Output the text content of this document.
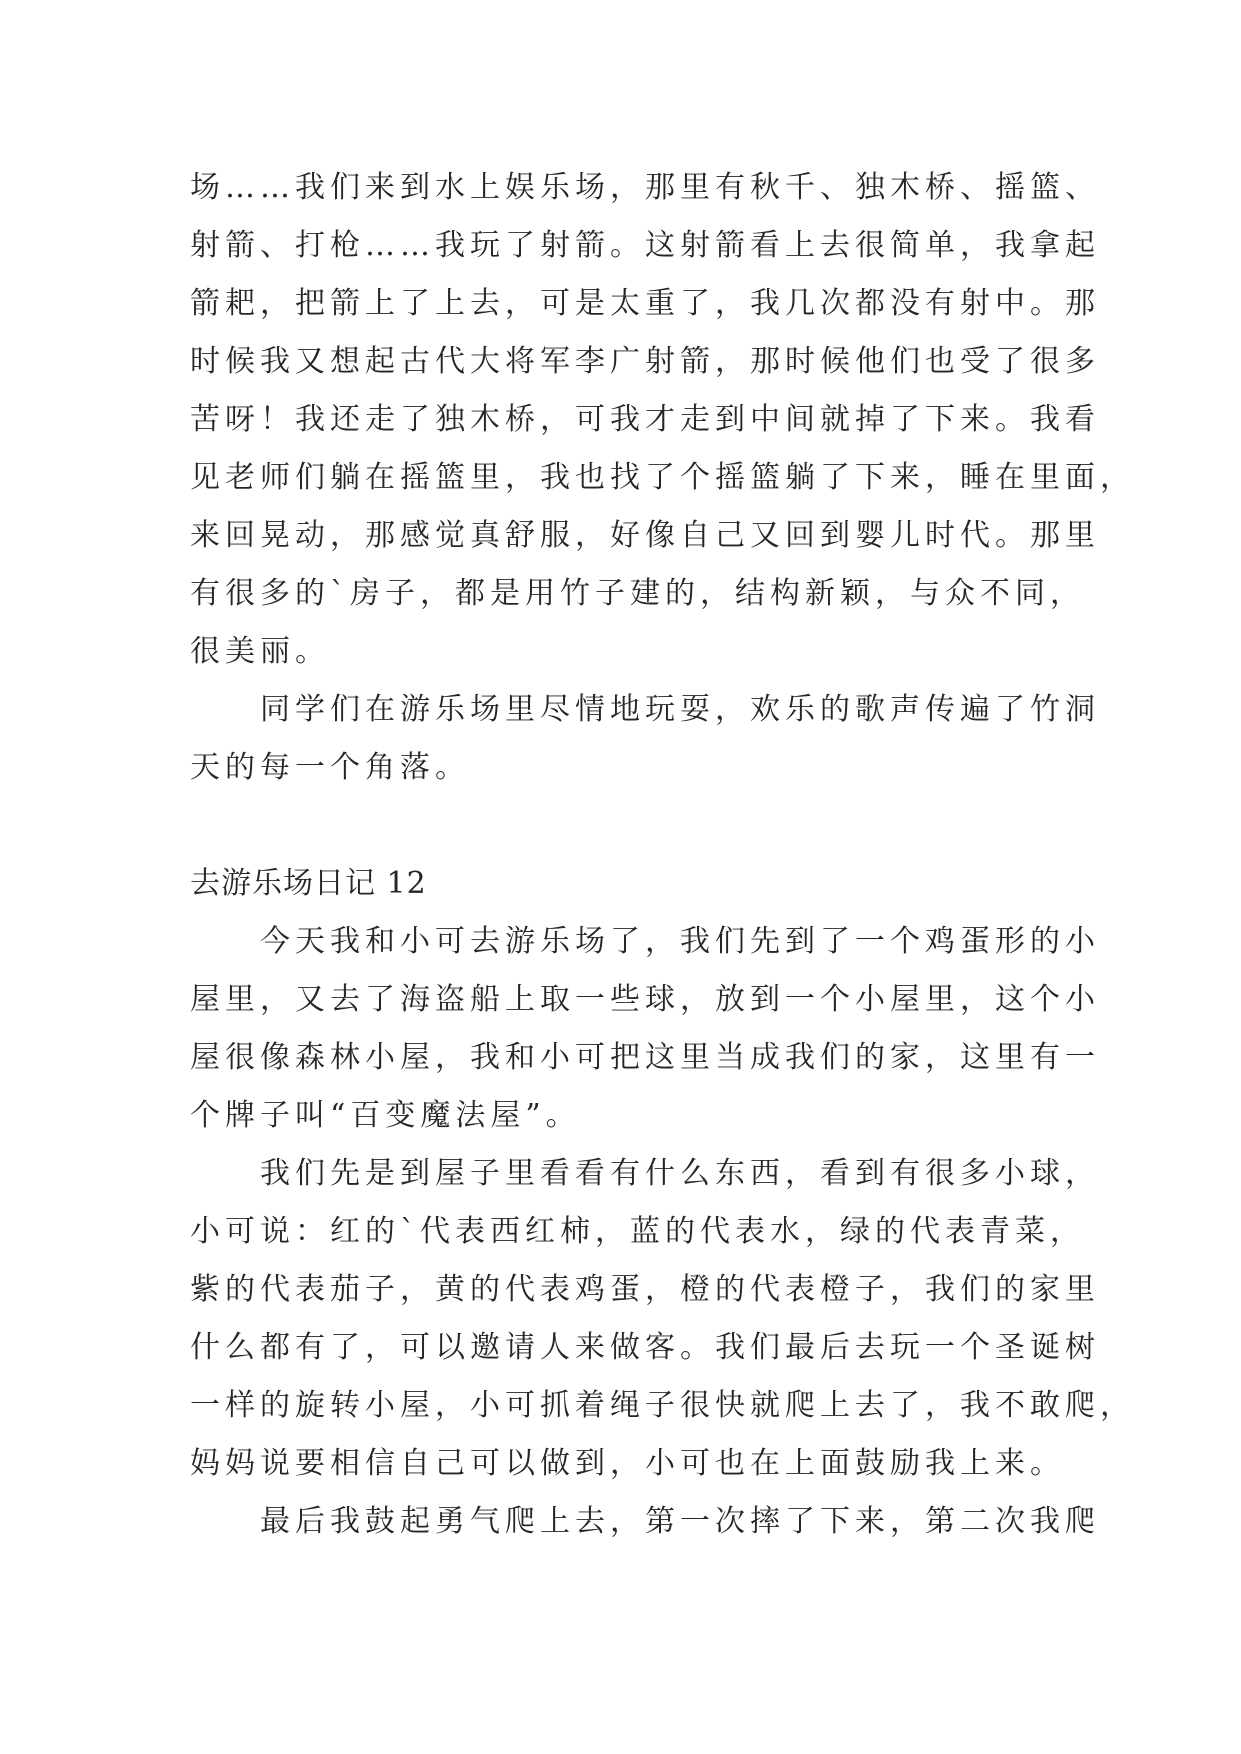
场……我们来到水上娱乐场，那里有秋千、独木桥、摇篮、
射箭、打枪……我玩了射箭。这射箭看上去很简单，我拿起
箭耙，把箭上了上去，可是太重了，我几次都没有射中。那
时候我又想起古代大将军李广射箭，那时候他们也受了很多
苦呀！我还走了独木桥，可我才走到中间就掉了下来。我看
见老师们躺在摇篮里，我也找了个摇篮躺了下来，睡在里面，
来回晃动，那感觉真舒服，好像自己又回到婴儿时代。那里
有很多的`房子，都是用竹子建的，结构新颖，与众不同，
很美丽。
　　同学们在游乐场里尽情地玩耍，欢乐的歌声传遍了竹洞
天的每一个角落。
去游乐场日记 12
　　今天我和小可去游乐场了，我们先到了一个鸡蛋形的小
屋里，又去了海盗船上取一些球，放到一个小屋里，这个小
屋很像森林小屋，我和小可把这里当成我们的家，这里有一
个牌子叫“百变魔法屋”。
　　我们先是到屋子里看看有什么东西，看到有很多小球，
小可说：红的`代表西红柿，蓝的代表水，绿的代表青菜，
紫的代表茄子，黄的代表鸡蛋，橙的代表橙子，我们的家里
什么都有了，可以邀请人来做客。我们最后去玩一个圣诞树
一样的旋转小屋，小可抓着绳子很快就爬上去了，我不敢爬，
妈妈说要相信自己可以做到，小可也在上面鼓励我上来。
　　最后我鼓起勇气爬上去，第一次摔了下来，第二次我爬
